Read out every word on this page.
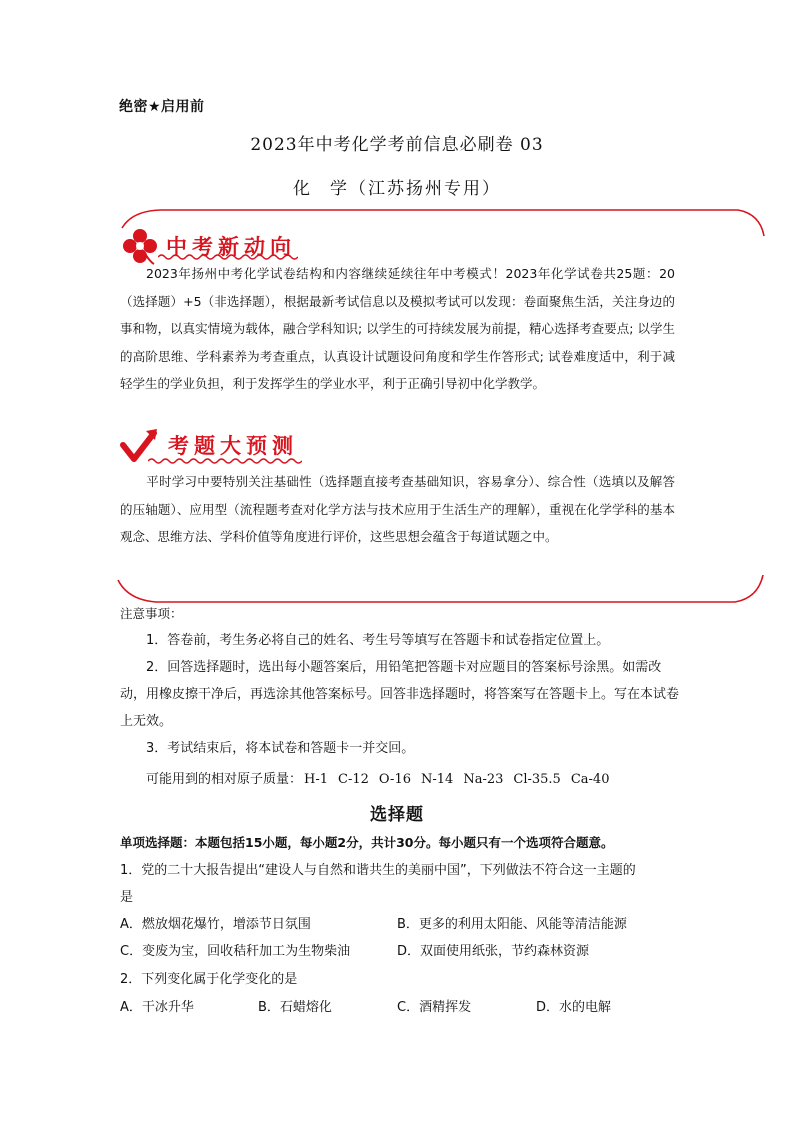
绝密★启用前
2023年中考化学考前信息必刷卷 03
化 学（江苏扬州专用）
中考新动向
2023年扬州中考化学试卷结构和内容继续延续往年中考模式！2023年化学试卷共25题：20（选择题）+5（非选择题），根据最新考试信息以及模拟考试可以发现：卷面聚焦生活，关注身边的事和物，以真实情境为载体，融合学科知识; 以学生的可持续发展为前提，精心选择考查要点; 以学生的高阶思维、学科素养为考查重点，认真设计试题设问角度和学生作答形式; 试卷难度适中，利于减轻学生的学业负担，利于发挥学生的学业水平，利于正确引导初中化学教学。
考题大预测
平时学习中要特别关注基础性（选择题直接考查基础知识，容易拿分）、综合性（选填以及解答的压轴题）、应用型（流程题考查对化学方法与技术应用于生活生产的理解），重视在化学学科的基本观念、思维方法、学科价值等角度进行评价，这些思想会蕴含于每道试题之中。
注意事项：
1．答卷前，考生务必将自己的姓名、考生号等填写在答题卡和试卷指定位置上。
2．回答选择题时，选出每小题答案后，用铅笔把答题卡对应题目的答案标号涂黑。如需改动，用橡皮擦干净后，再选涂其他答案标号。回答非选择题时，将答案写在答题卡上。写在本试卷上无效。
3．考试结束后，将本试卷和答题卡一并交回。
可能用到的相对原子质量： H-1 C-12 O-16 N-14 Na-23 Cl-35.5 Ca-40
选择题
单项选择题：本题包括15小题，每小题2分，共计30分。每小题只有一个选项符合题意。
1．党的二十大报告提出“建设人与自然和谐共生的美丽中国”，下列做法不符合这一主题的
是
A．燃放烟花爆竹，增添节日氛围	B．更多的利用太阳能、风能等清洁能源
C．变废为宝，回收秸秆加工为生物柴油	D．双面使用纸张，节约森林资源
2．下列变化属于化学变化的是
A．干冰升华	B．石蜡熔化	C．酒精挥发	D．水的电解
